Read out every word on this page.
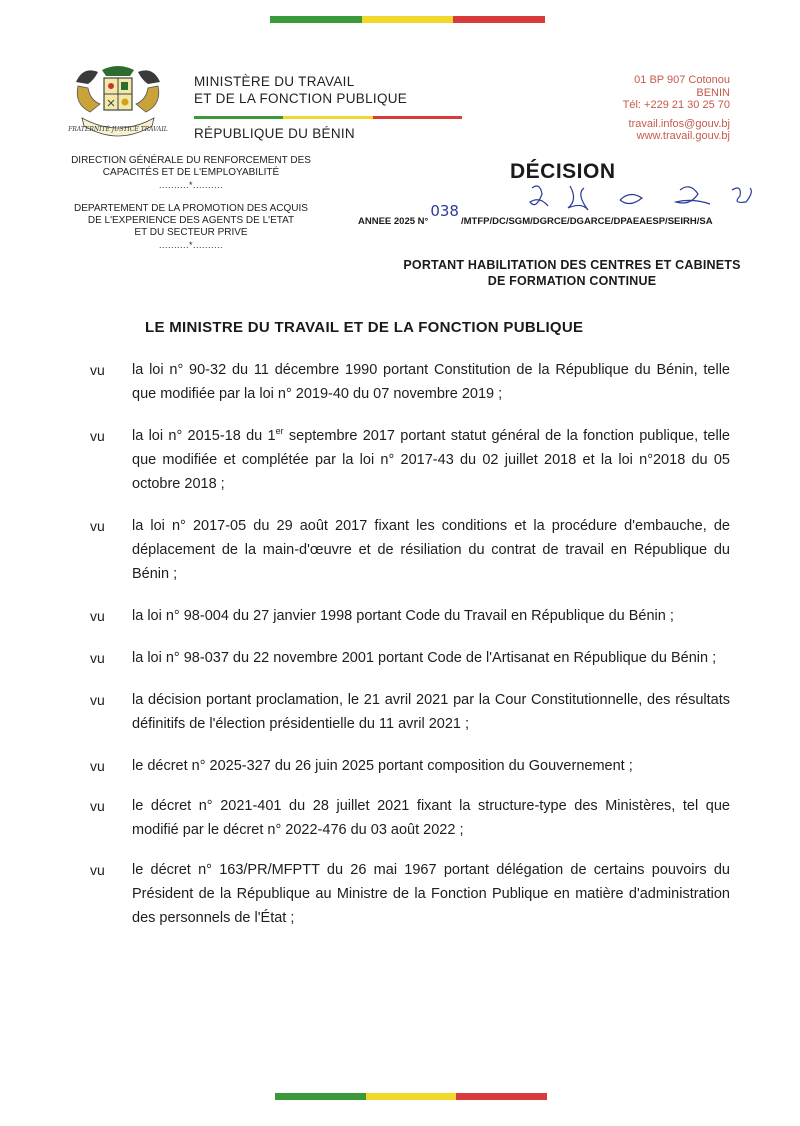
FRATERNITÉ JUSTICE TRAVAIL
MINISTÈRE DU TRAVAIL
ET DE LA FONCTION PUBLIQUE
RÉPUBLIQUE DU BÉNIN
01 BP 907 Cotonou
BENIN
Tél: +229 21 30 25 70
travail.infos@gouv.bj
www.travail.gouv.bj
DIRECTION GÉNÉRALE DU RENFORCEMENT DES
CAPACITÉS ET DE L'EMPLOYABILITÉ
..........*..........
DEPARTEMENT DE LA PROMOTION DES ACQUIS
DE L'EXPERIENCE DES AGENTS DE L'ETAT
ET DU SECTEUR PRIVE
..........*..........
DÉCISION
ANNEE 2025 N°038/MTFP/DC/SGM/DGRCE/DGARCE/DPAEAESP/SEIRH/SA
PORTANT HABILITATION DES CENTRES ET CABINETS
DE FORMATION CONTINUE
LE MINISTRE DU TRAVAIL ET DE LA FONCTION PUBLIQUE
vu	la loi n° 90-32 du 11 décembre 1990 portant Constitution de la République du Bénin, telle que modifiée par la loi n° 2019-40 du 07 novembre 2019 ;
vu	la loi n° 2015-18 du 1er septembre 2017 portant statut général de la fonction publique, telle que modifiée et complétée par la loi n° 2017-43 du 02 juillet 2018 et la loi n°2018 du 05 octobre 2018 ;
vu	la loi n° 2017-05 du 29 août 2017 fixant les conditions et la procédure d'embauche, de déplacement de la main-d'œuvre et de résiliation du contrat de travail en République du Bénin ;
vu	la loi n° 98-004 du 27 janvier 1998 portant Code du Travail en République du Bénin ;
vu	la loi n° 98-037 du 22 novembre 2001 portant Code de l'Artisanat en République du Bénin ;
vu	la décision portant proclamation, le 21 avril 2021 par la Cour Constitutionnelle, des résultats définitifs de l'élection présidentielle du 11 avril 2021 ;
vu	le décret n° 2025-327 du 26 juin 2025 portant composition du Gouvernement ;
vu	le décret n° 2021-401 du 28 juillet 2021 fixant la structure-type des Ministères, tel que modifié par le décret n° 2022-476 du 03 août 2022 ;
vu	le décret n° 163/PR/MFPTT du 26 mai 1967 portant délégation de certains pouvoirs du Président de la République au Ministre de la Fonction Publique en matière d'administration des personnels de l'État ;
